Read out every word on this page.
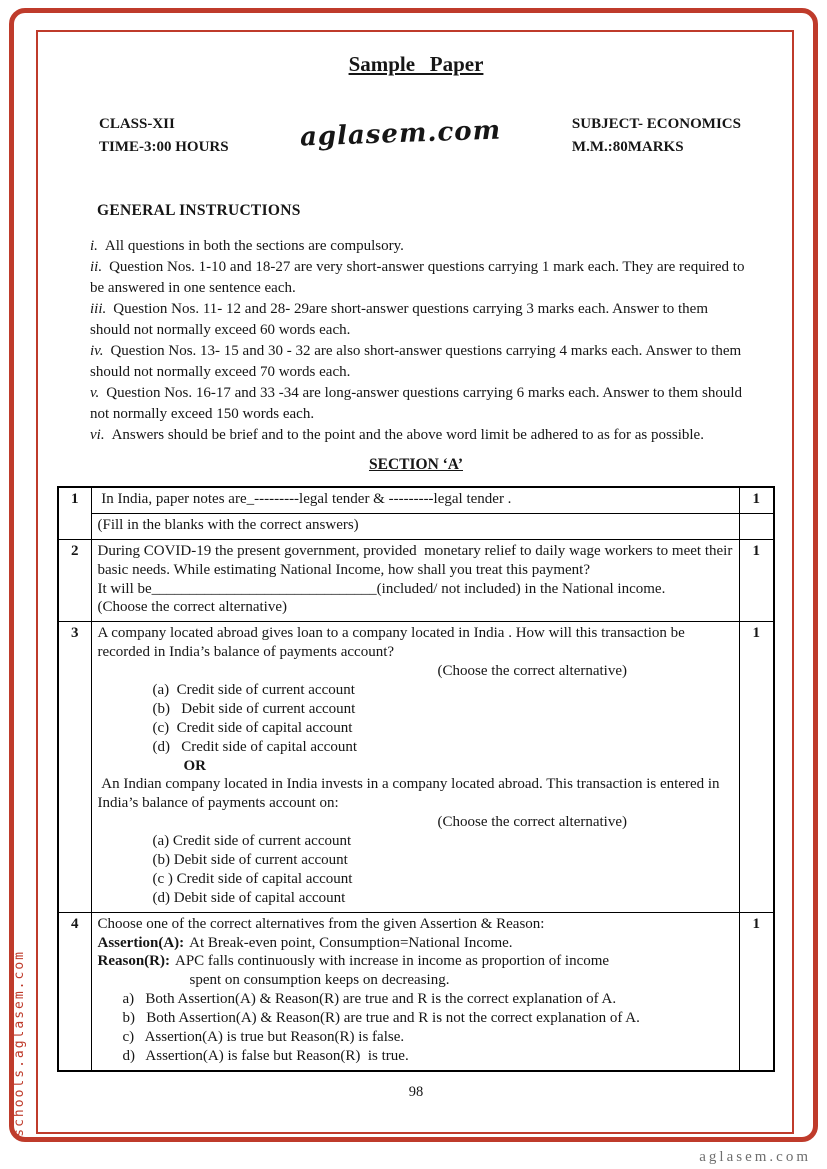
schools.aglasem.com
Sample Paper
CLASS-XII
TIME-3:00 HOURS	aglasem.com	SUBJECT- ECONOMICS
M.M.:80MARKS
GENERAL INSTRUCTIONS

i. All questions in both the sections are compulsory.

ii. Question Nos. 1-10 and 18-27 are very short-answer questions carrying 1 mark each. They are required to be answered in one sentence each.

iii. Question Nos. 11- 12 and 28- 29are short-answer questions carrying 3 marks each. Answer to them should not normally exceed 60 words each.

iv. Question Nos. 13- 15 and 30 - 32 are also short-answer questions carrying 4 marks each. Answer to them should not normally exceed 70 words each.

v. Question Nos. 16-17 and 33 -34 are long-answer questions carrying 6 marks each. Answer to them should not normally exceed 150 words each.

vi. Answers should be brief and to the point and the above word limit be adhered to as for as possible.

SECTION ‘A’
1	In India, paper notes are_---------legal tender & ---------legal tender .	1
	(Fill in the blanks with the correct answers)	
2	During COVID-19 the present government, provided  monetary relief to daily wage workers to meet their basic needs. While estimating National Income, how shall you treat this payment?
It will be______________________________(included/ not included) in the National income.
(Choose the correct alternative)	1
3	A company located abroad gives loan to a company located in India . How will this transaction be recorded in India’s balance of payments account?
(Choose the correct alternative)
(a)  Credit side of current account
(b)   Debit side of current account
(c)  Credit side of capital account
(d)   Credit side of capital account
OR
An Indian company located in India invests in a company located abroad. This transaction is entered in India’s balance of payments account on:
(Choose the correct alternative)
(a) Credit side of current account
(b) Debit side of current account
(c ) Credit side of capital account
(d) Debit side of capital account
	1
4	Choose one of the correct alternatives from the given Assertion & Reason:
Assertion(A): At Break-even point, Consumption=National Income.
Reason(R): APC falls continuously with increase in income as proportion of income
spent on consumption keeps on decreasing.
a)   Both Assertion(A) & Reason(R) are true and R is the correct explanation of A.
b)   Both Assertion(A) & Reason(R) are true and R is not the correct explanation of A.
c)   Assertion(A) is true but Reason(R) is false.
d)   Assertion(A) is false but Reason(R)  is true.
	1
98
aglasem.com
